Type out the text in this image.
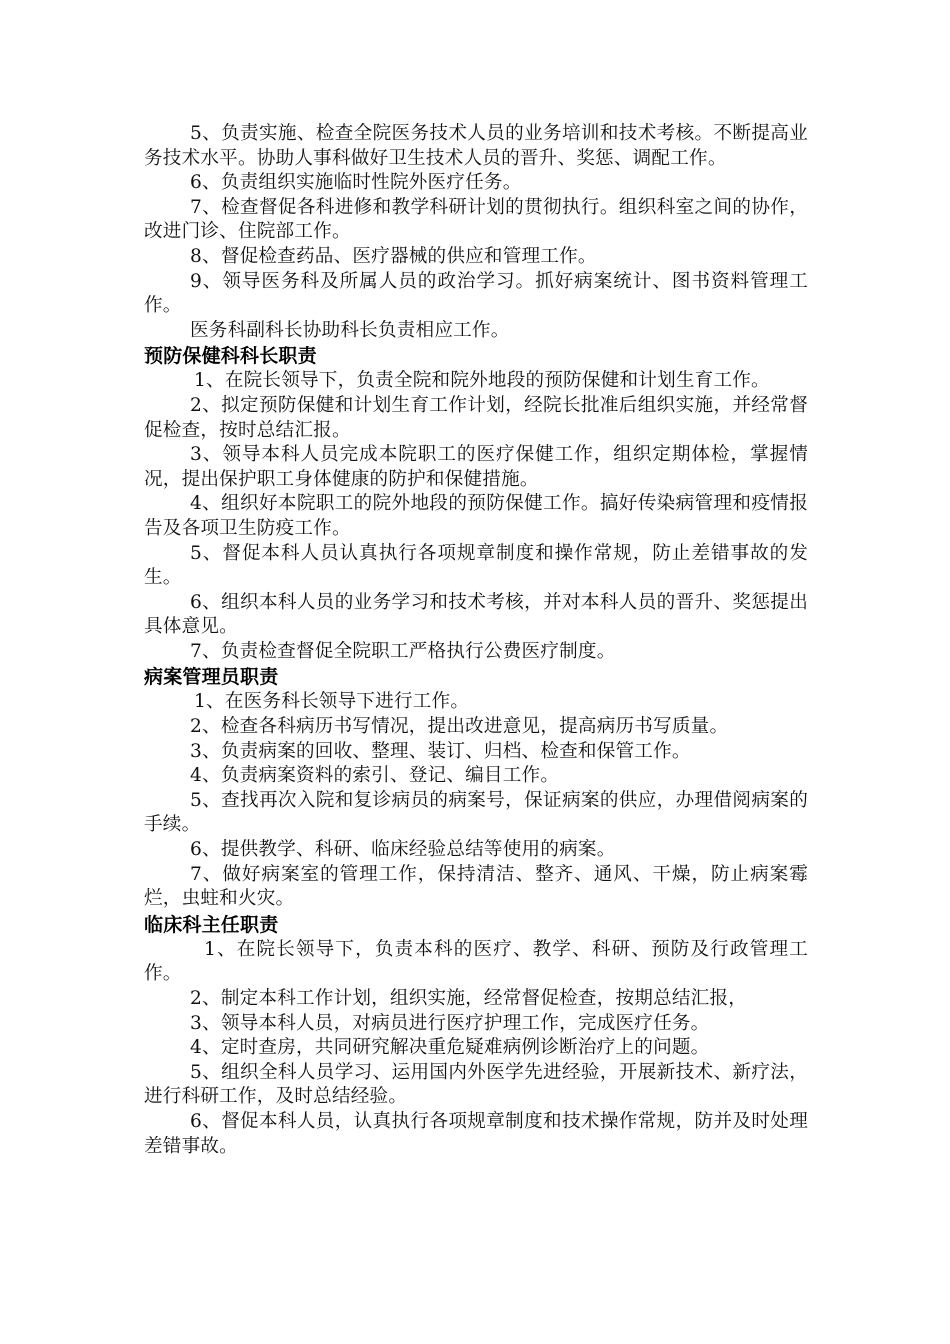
5、负责实施、检查全院医务技术人员的业务培训和技术考核。不断提高业务技术水平。协助人事科做好卫生技术人员的晋升、奖惩、调配工作。

6、负责组织实施临时性院外医疗任务。

7、检查督促各科进修和教学科研计划的贯彻执行。组织科室之间的协作，改进门诊、住院部工作。

8、督促检查药品、医疗器械的供应和管理工作。

9、领导医务科及所属人员的政治学习。抓好病案统计、图书资料管理工作。

医务科副科长协助科长负责相应工作。

预防保健科科长职责

1、在院长领导下，负责全院和院外地段的预防保健和计划生育工作。

2、拟定预防保健和计划生育工作计划，经院长批准后组织实施，并经常督促检查，按时总结汇报。

3、领导本科人员完成本院职工的医疗保健工作，组织定期体检，掌握情况，提出保护职工身体健康的防护和保健措施。

4、组织好本院职工的院外地段的预防保健工作。搞好传染病管理和疫情报告及各项卫生防疫工作。

5、督促本科人员认真执行各项规章制度和操作常规，防止差错事故的发生。

6、组织本科人员的业务学习和技术考核，并对本科人员的晋升、奖惩提出具体意见。

7、负责检查督促全院职工严格执行公费医疗制度。

病案管理员职责

1、在医务科长领导下进行工作。

2、检查各科病历书写情况，提出改进意见，提高病历书写质量。

3、负责病案的回收、整理、装订、归档、检查和保管工作。

4、负责病案资料的索引、登记、编目工作。

5、查找再次入院和复诊病员的病案号，保证病案的供应，办理借阅病案的手续。

6、提供教学、科研、临床经验总结等使用的病案。

7、做好病案室的管理工作，保持清洁、整齐、通风、干燥，防止病案霉烂，虫蛀和火灾。

临床科主任职责

1、在院长领导下，负责本科的医疗、教学、科研、预防及行政管理工作。

2、制定本科工作计划，组织实施，经常督促检查，按期总结汇报，

3、领导本科人员，对病员进行医疗护理工作，完成医疗任务。

4、定时查房，共同研究解决重危疑难病例诊断治疗上的问题。

5、组织全科人员学习、运用国内外医学先进经验，开展新技术、新疗法，进行科研工作，及时总结经验。

6、督促本科人员，认真执行各项规章制度和技术操作常规，防并及时处理差错事故。
